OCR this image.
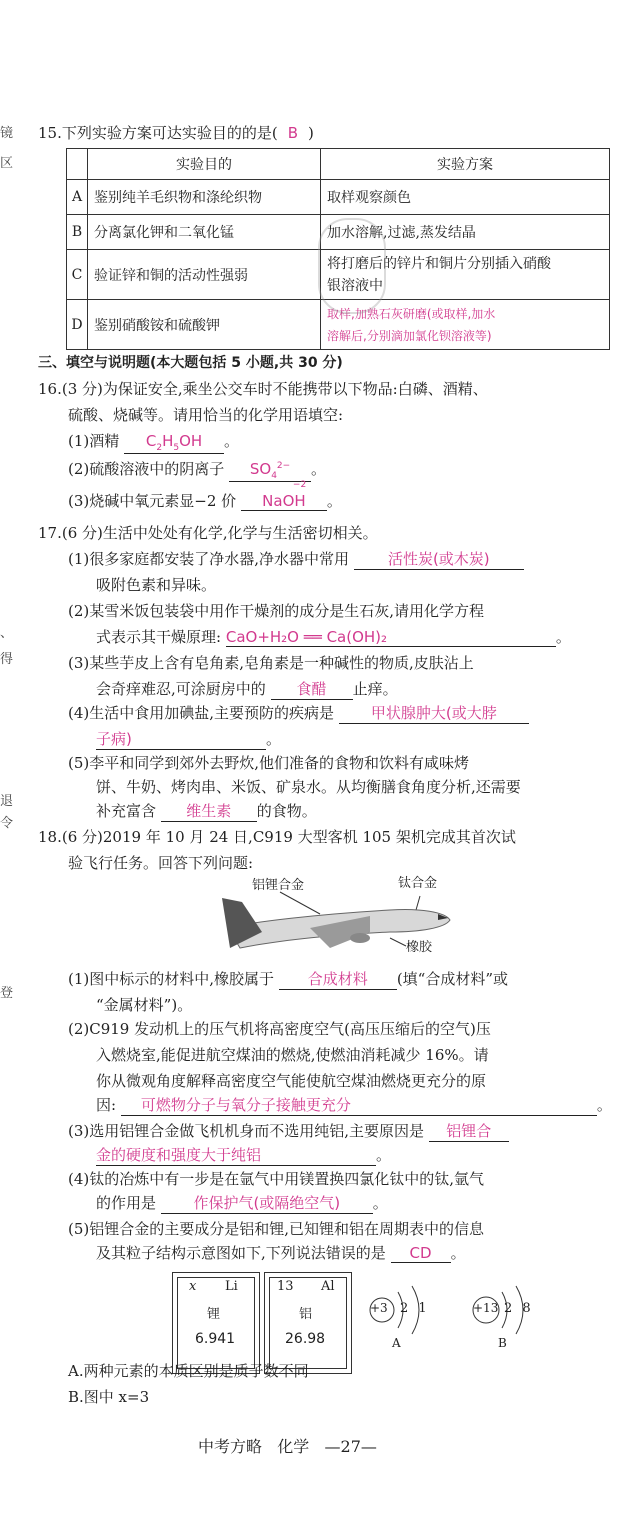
镜
区
、
得
退
令
登
15.下列实验方案可达实验目的的是( B )
	实验目的	实验方案
A	鉴别纯羊毛织物和涤纶织物	取样观察颜色
B	分离氯化钾和二氧化锰	加水溶解,过滤,蒸发结晶
C	验证锌和铜的活动性强弱	将打磨后的锌片和铜片分别插入硝酸
银溶液中
D	鉴别硝酸铵和硫酸钾	取样,加熟石灰研磨(或取样,加水
溶解后,分别滴加氯化钡溶液等)
三、填空与说明题(本大题包括 5 小题,共 30 分)
16.(3 分)为保证安全,乘坐公交车时不能携带以下物品:白磷、酒精、
硫酸、烧碱等。请用恰当的化学用语填空:
(1)酒精 $C_2H_5OH$ 。
(2)硫酸溶液中的阴离子 $SO_4^{2-}$ 。
(3)烧碱中氧元素显−2 价 NaOH
−2
。
17.(6 分)生活中处处有化学,化学与生活密切相关。
(1)很多家庭都安装了净水器,净水器中常用	活性炭(或木炭)
吸附色素和异味。
(2)某雪米饭包装袋中用作干燥剂的成分是生石灰,请用化学方程
式表示其干燥原理: CaO+H₂O ══ Ca(OH)₂	。
(3)某些芋皮上含有皂角素,皂角素是一种碱性的物质,皮肤沾上
会奇痒难忍,可涂厨房中的 食醋 止痒。
(4)生活中食用加碘盐,主要预防的疾病是 甲状腺肿大(或大脖
子病)	。
(5)李平和同学到郊外去野炊,他们准备的食物和饮料有咸味烤
饼、牛奶、烤肉串、米饭、矿泉水。从均衡膳食角度分析,还需要
补充富含 维生素 的食物。
18.(6 分)2019 年 10 月 24 日,C919 大型客机 105 架机完成其首次试
验飞行任务。回答下列问题:
铝锂合金	钛合金
橡胶
(1)图中标示的材料中,橡胶属于 合成材料 (填“合成材料”或
“金属材料”)。
(2)C919 发动机上的压气机将高密度空气(高压压缩后的空气)压
入燃烧室,能促进航空煤油的燃烧,使燃油消耗减少 16%。请
你从微观角度解释高密度空气能使航空煤油燃烧更充分的原
因: 可燃物分子与氧分子接触更充分	。
(3)选用铝锂合金做飞机机身而不选用纯铝,主要原因是 铝锂合
金的硬度和强度大于纯铝	。
(4)钛的冶炼中有一步是在氩气中用镁置换四氯化钛中的钛,氩气
的作用是 作保护气(或隔绝空气) 。
(5)铝锂合金的主要成分是铝和锂,已知锂和铝在周期表中的信息
及其粒子结构示意图如下,下列说法错误的是 CD 。
x Li
锂
6.941
13 Al
铝
26.98
+3 2 1
A
+13 2 8
B
A.两种元素的本质区别是质子数不同
B.图中 x=3
中考方略   化学   —27—
